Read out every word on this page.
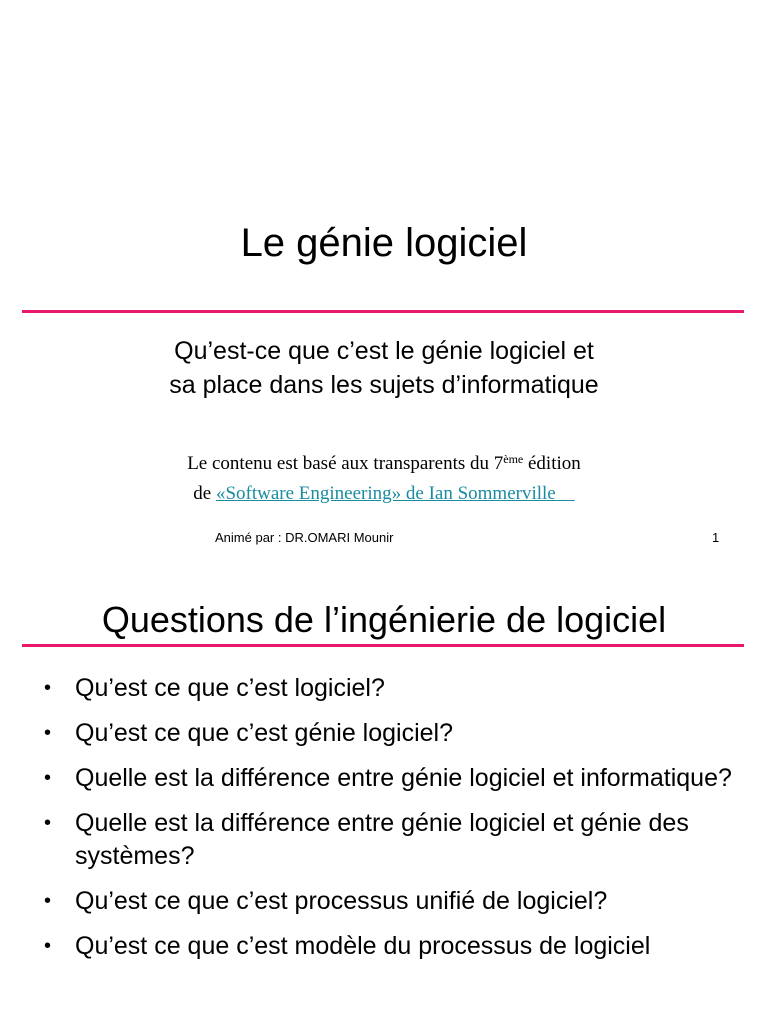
Le génie logiciel
Qu’est-ce que c’est le génie logiciel et
sa place dans les sujets d’informatique
Le contenu est basé aux transparents du 7ème édition
de «Software Engineering» de Ian Sommerville
Animé par : DR.OMARI Mounir	1
Questions de l’ingénierie de logiciel
• Qu’est ce que c’est logiciel?
• Qu’est ce que c’est génie logiciel?
• Quelle est la différence entre génie logiciel et informatique?
• Quelle est la différence entre génie logiciel et génie des systèmes?
• Qu’est ce que c’est processus unifié de logiciel?
• Qu’est ce que c’est modèle du processus de logiciel
